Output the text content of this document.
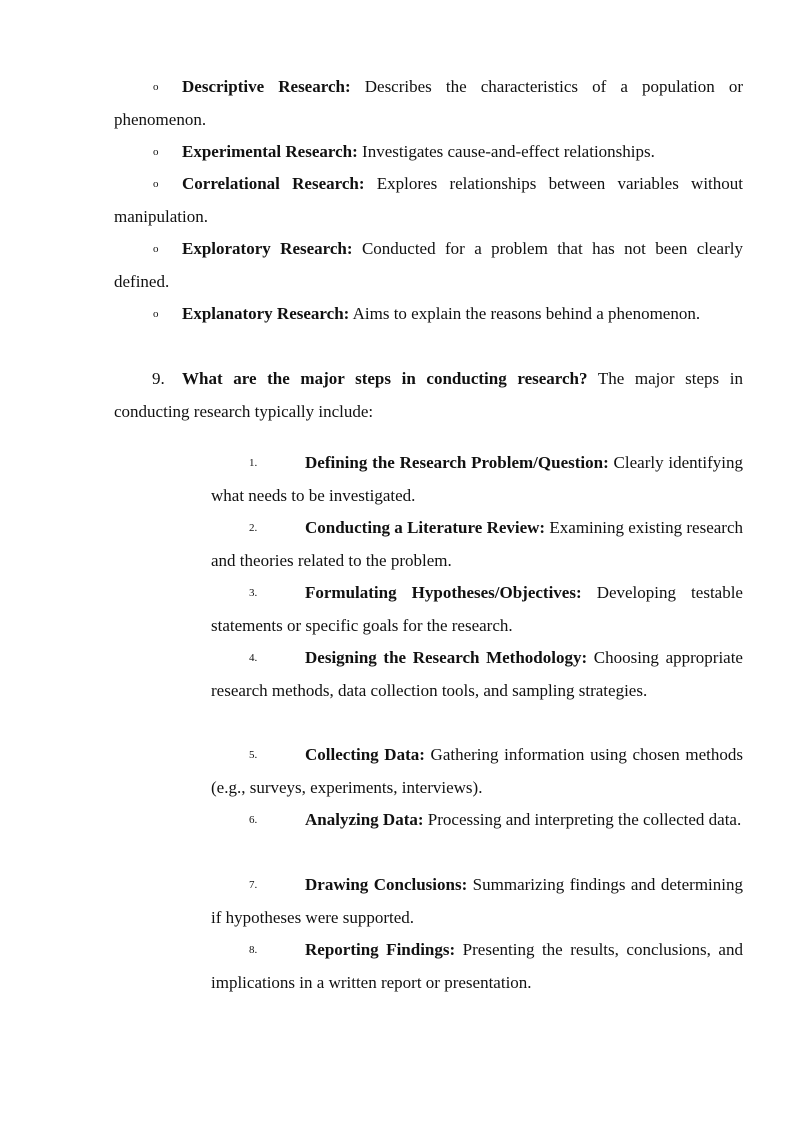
o	Descriptive Research: Describes the characteristics of a population or phenomenon.

o	Experimental Research: Investigates cause-and-effect relationships.

o	Correlational Research: Explores relationships between variables without manipulation.

o	Exploratory Research: Conducted for a problem that has not been clearly defined.

o	Explanatory Research: Aims to explain the reasons behind a phenomenon.

9.	What are the major steps in conducting research? The major steps in conducting research typically include:

1.	Defining the Research Problem/Question: Clearly identifying what needs to be investigated.

2.	Conducting a Literature Review: Examining existing research and theories related to the problem.

3.	Formulating Hypotheses/Objectives: Developing testable statements or specific goals for the research.

4.	Designing the Research Methodology: Choosing appropriate research methods, data collection tools, and sampling strategies.

5.	Collecting Data: Gathering information using chosen methods (e.g., surveys, experiments, interviews).

6.	Analyzing Data: Processing and interpreting the collected data.

7.	Drawing Conclusions: Summarizing findings and determining if hypotheses were supported.

8.	Reporting Findings: Presenting the results, conclusions, and implications in a written report or presentation.
